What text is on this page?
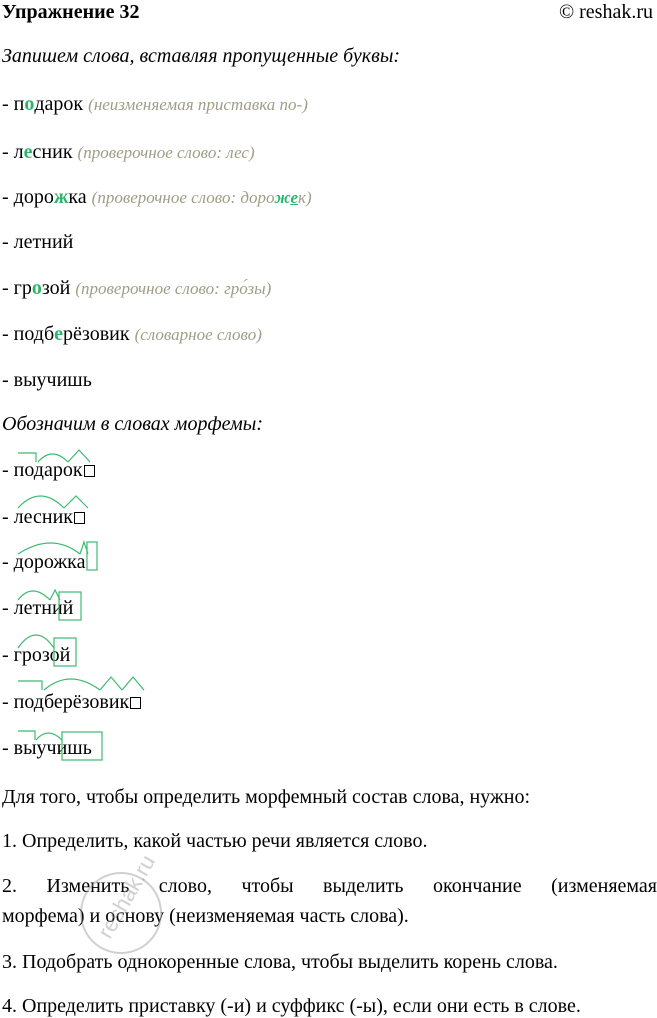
Упражнение 32	© reshak.ru
Запишем слова, вставляя пропущенные буквы:
- подарок (неизменяемая приставка по-)
- лесник (проверочное слово: лес)
- дорожка (проверочное слово: дорожек)
- летний
- грозой (проверочное слово: гро́зы)
- подберёзовик (словарное слово)
- выучишь
Обозначим в словах морфемы:
- подарок
- лесник
- дорожка
- летний
- грозой
- подберёзовик
- выучишь
Для того, чтобы определить морфемный состав слова, нужно:
1. Определить, какой частью речи является слово.
2. Изменить слово, чтобы выделить окончание (изменяемая
морфема) и основу (неизменяемая часть слова).
3. Подобрать однокоренные слова, чтобы выделить корень слова.
4. Определить приставку (-и) и суффикс (-ы), если они есть в слове.
reshak.ru
